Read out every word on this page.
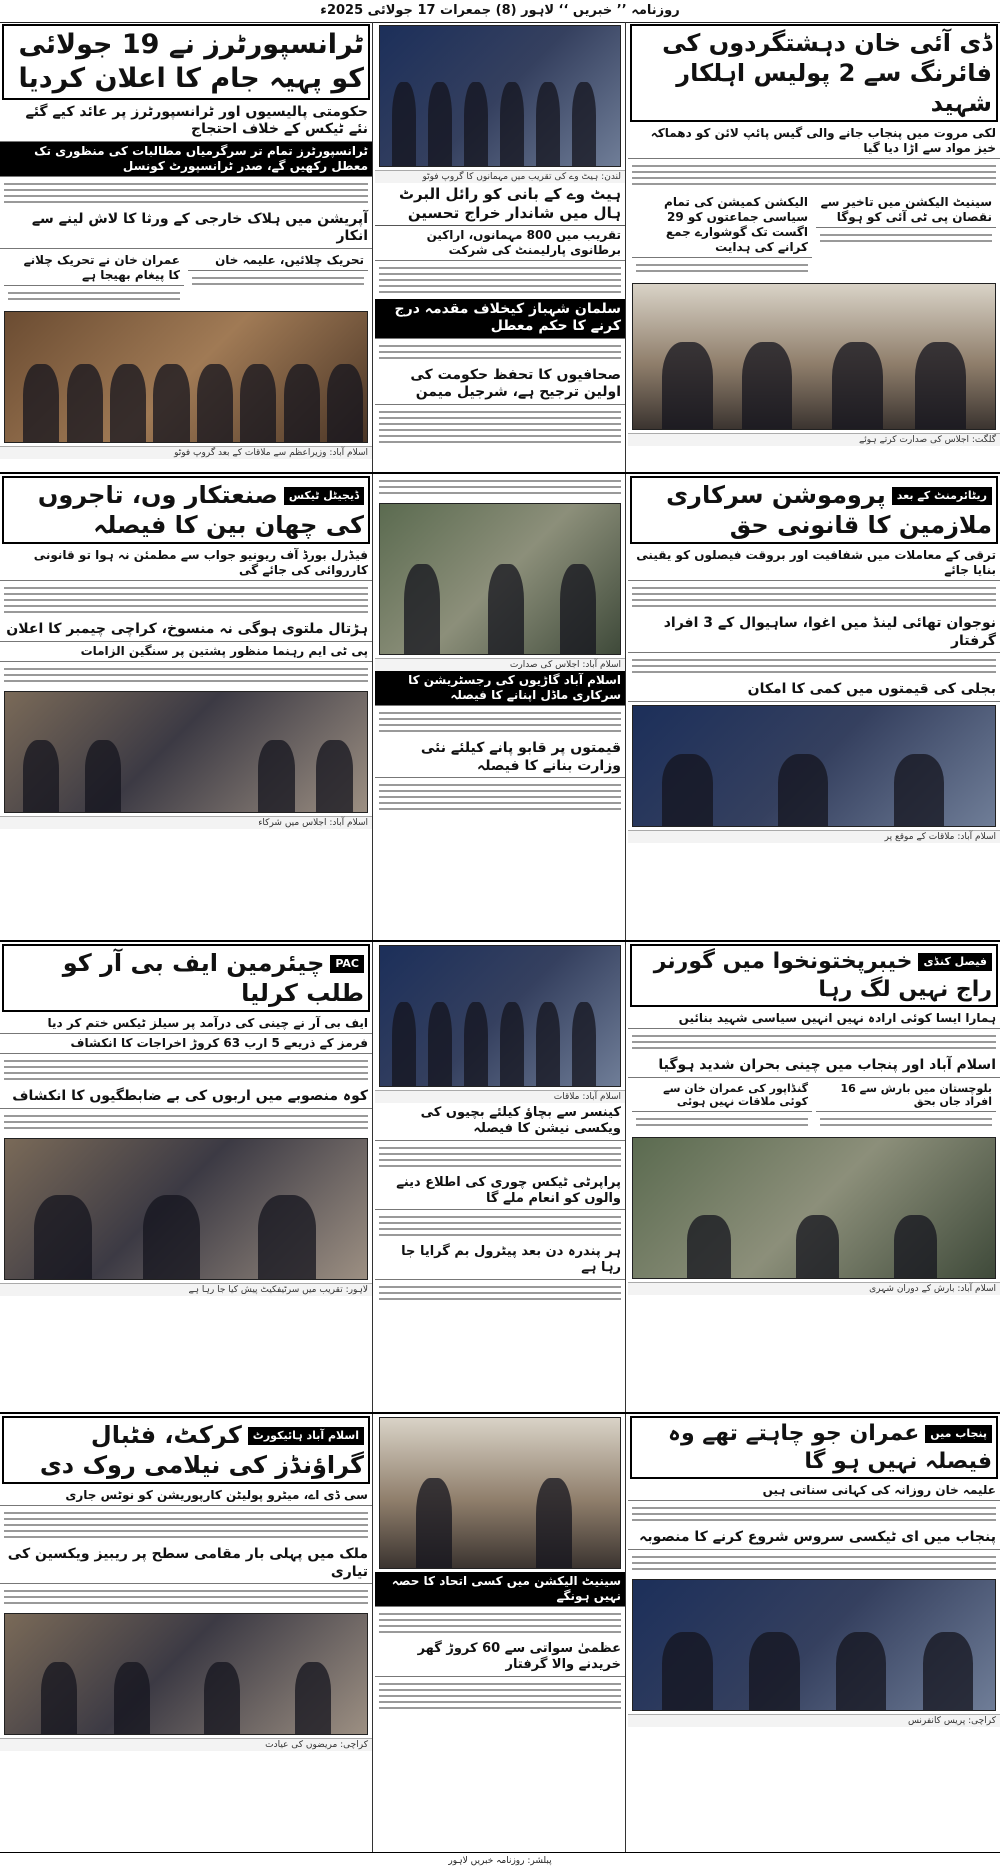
روزنامہ ’’ خبریں ‘‘ لاہور (8) جمعرات 17 جولائی 2025ء
ٹرانسپورٹرز نے 19 جولائی کو پہیہ جام کا اعلان کردیا
حکومتی پالیسیوں اور ٹرانسپورٹرز پر عائد کیے گئے نئے ٹیکس کے خلاف احتجاج
ٹرانسپورٹرز تمام تر سرگرمیاں مطالبات کی منظوری تک معطل رکھیں گے، صدر ٹرانسپورٹ کونسل
آپریشن میں ہلاک خارجی کے ورثا کا لاش لینے سے انکار
عمران خان نے تحریک چلانے کا پیغام بھیجا ہے
تحریک چلائیں، علیمہ خان
اسلام آباد: وزیراعظم سے ملاقات کے بعد گروپ فوٹو
لندن: ہیٹ وے کی تقریب میں مہمانوں کا گروپ فوٹو
ہیٹ وے کے بانی کو رائل البرٹ ہال میں شاندار خراج تحسین
تقریب میں 800 مہمانوں، اراکین برطانوی پارلیمنٹ کی شرکت
سلمان شہباز کیخلاف مقدمہ درج کرنے کا حکم معطل
صحافیوں کا تحفظ حکومت کی اولین ترجیح ہے، شرجیل میمن
ڈی آئی خان دہشتگردوں کی فائرنگ سے 2 پولیس اہلکار شہید
لکی مروت میں پنجاب جانے والی گیس پائپ لائن کو دھماکہ خیز مواد سے اڑا دیا گیا
الیکشن کمیشن کی تمام سیاسی جماعتوں کو 29 اگست تک گوشوارے جمع کرانے کی ہدایت
سینیٹ الیکشن میں تاخیر سے نقصان پی ٹی آئی کو ہوگا
گلگت: اجلاس کی صدارت کرتے ہوئے
ڈیجیٹل ٹیکسصنعتکار وں، تاجروں کی چھان بین کا فیصلہ
فیڈرل بورڈ آف ریونیو جواب سے مطمئن نہ ہوا تو قانونی کارروائی کی جائے گی
ہڑتال ملتوی ہوگی نہ منسوخ، کراچی چیمبر کا اعلان
پی ٹی ایم رہنما منظور پشتین پر سنگین الزامات
اسلام آباد: اجلاس میں شرکاء
اسلام آباد: اجلاس کی صدارت
اسلام آباد گاڑیوں کی رجسٹریشن کا سرکاری ماڈل اپنانے کا فیصلہ
قیمتوں پر قابو پانے کیلئے نئی وزارت بنانے کا فیصلہ
ریٹائرمنٹ کے بعدپروموشن سرکاری ملازمین کا قانونی حق
ترقی کے معاملات میں شفافیت اور بروقت فیصلوں کو یقینی بنایا جائے
نوجوان تھائی لینڈ میں اغوا، ساہیوال کے 3 افراد گرفتار
بجلی کی قیمتوں میں کمی کا امکان
اسلام آباد: ملاقات کے موقع پر
PACچیئرمین ایف بی آر کو طلب کرلیا
ایف بی آر نے چینی کی درآمد پر سیلز ٹیکس ختم کر دیا
فرمز کے ذریعے 5 ارب 63 کروڑ اخراجات کا انکشاف
کوہ منصوبے میں اربوں کی بے ضابطگیوں کا انکشاف
لاہور: تقریب میں سرٹیفکیٹ پیش کیا جا رہا ہے
اسلام آباد: ملاقات
کینسر سے بچاؤ کیلئے بچیوں کی ویکسی نیشن کا فیصلہ
پراپرٹی ٹیکس چوری کی اطلاع دینے والوں کو انعام ملے گا
ہر پندرہ دن بعد پیٹرول بم گرایا جا رہا ہے
فیصل کنڈیخیبرپختونخوا میں گورنر راج نہیں لگ رہا
ہمارا ایسا کوئی ارادہ نہیں انہیں سیاسی شہید بنائیں
اسلام آباد اور پنجاب میں چینی بحران شدید ہوگیا
گنڈاپور کی عمران خان سے کوئی ملاقات نہیں ہوئی
بلوچستان میں بارش سے 16 افراد جاں بحق
اسلام آباد: بارش کے دوران شہری
اسلام آباد ہائیکورٹکرکٹ، فٹبال گراؤنڈز کی نیلامی روک دی
سی ڈی اے، میٹرو پولیٹن کارپوریشن کو نوٹس جاری
ملک میں پہلی بار مقامی سطح پر ریبیز ویکسین کی تیاری
کراچی: مریضوں کی عیادت
سینیٹ الیکشن میں کسی اتحاد کا حصہ نہیں ہونگے
عظمیٰ سواتی سے 60 کروڑ گھر خریدنے والا گرفتار
پنجاب میںعمران جو چاہتے تھے وہ فیصلہ نہیں ہو گا
علیمہ خان روزانہ کی کہانی سناتی ہیں
پنجاب میں ای ٹیکسی سروس شروع کرنے کا منصوبہ
کراچی: پریس کانفرنس
پبلشر: روزنامہ خبریں لاہور
